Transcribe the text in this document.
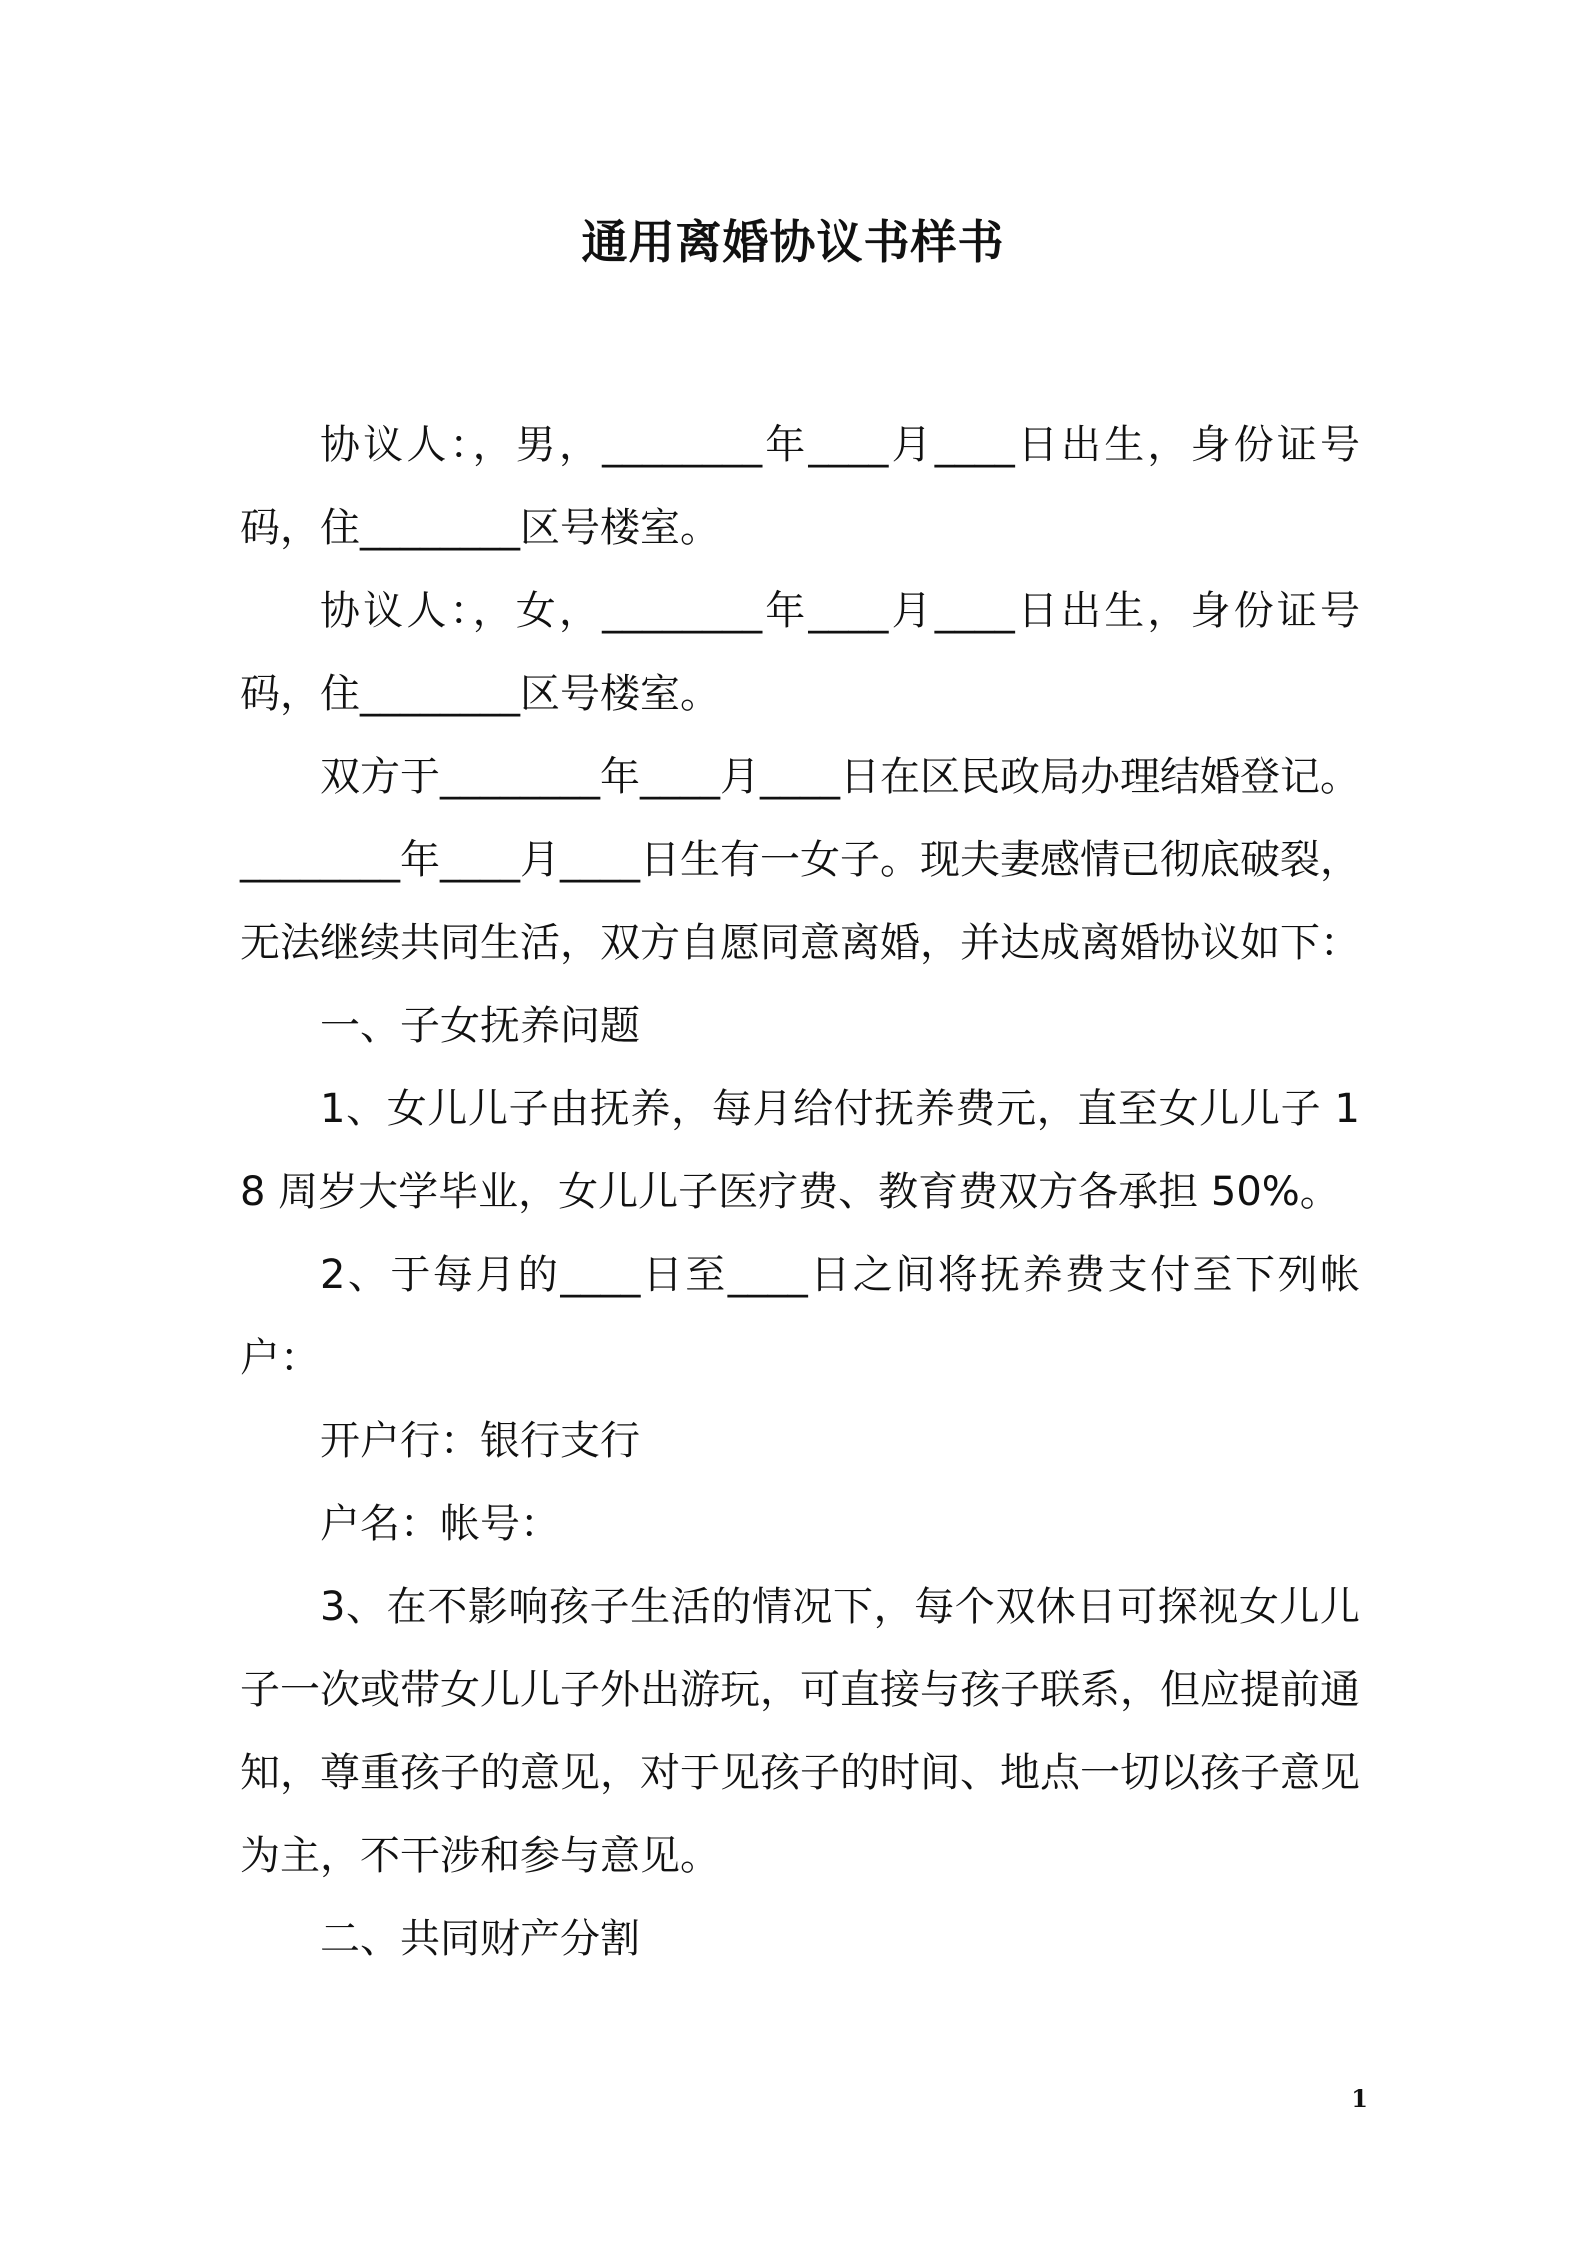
通用离婚协议书样书

协议人：，男，________年____月____日出生，身份证号码，住________区号楼室。

协议人：，女，________年____月____日出生，身份证号码，住________区号楼室。

双方于________年____月____日在区民政局办理结婚登记。________年____月____日生有一女子。现夫妻感情已彻底破裂，无法继续共同生活，双方自愿同意离婚，并达成离婚协议如下：

一、子女抚养问题

1、女儿儿子由抚养，每月给付抚养费元，直至女儿儿子 18 周岁大学毕业，女儿儿子医疗费、教育费双方各承担 50%。

2、于每月的____日至____日之间将抚养费支付至下列帐户：

开户行：银行支行

户名：帐号：

3、在不影响孩子生活的情况下，每个双休日可探视女儿儿子一次或带女儿儿子外出游玩，可直接与孩子联系，但应提前通知，尊重孩子的意见，对于见孩子的时间、地点一切以孩子意见为主，不干涉和参与意见。

二、共同财产分割

1
